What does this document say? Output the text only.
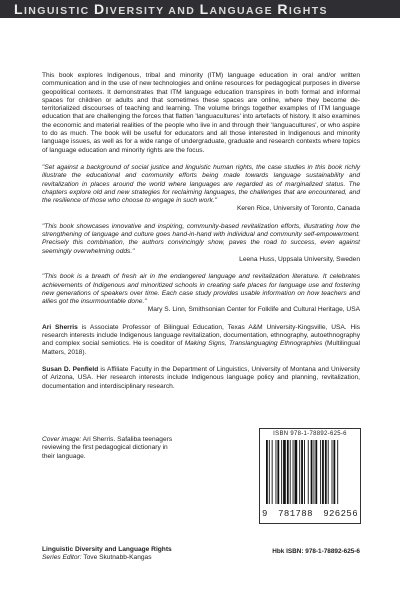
LINGUISTIC DIVERSITY AND LANGUAGE RIGHTS

This book explores Indigenous, tribal and minority (ITM) language education in oral and/or written communication and in the use of new technologies and online resources for pedagogical purposes in diverse geopolitical contexts. It demonstrates that ITM language education transpires in both formal and informal spaces for children or adults and that sometimes these spaces are online, where they become de-territorialized discourses of teaching and learning. The volume brings together examples of ITM language education that are challenging the forces that flatten 'languacultures' into artefacts of history. It also examines the economic and material realities of the people who live in and through their 'languacultures', or who aspire to do as much. The book will be useful for educators and all those interested in Indigenous and minority language issues, as well as for a wide range of undergraduate, graduate and research contexts where topics of language education and minority rights are the focus.

"Set against a background of social justice and linguistic human rights, the case studies in this book richly illustrate the educational and community efforts being made towards language sustainability and revitalization in places around the world where languages are regarded as of marginalized status. The chapters explore old and new strategies for reclaiming languages, the challenges that are encountered, and the resilience of those who choose to engage in such work."

Keren Rice, University of Toronto, Canada

"This book showcases innovative and inspiring, community-based revitalization efforts, illustrating how the strengthening of language and culture goes hand-in-hand with individual and community self-empowerment. Precisely this combination, the authors convincingly show, paves the road to success, even against seemingly overwhelming odds."

Leena Huss, Uppsala University, Sweden

"This book is a breath of fresh air in the endangered language and revitalization literature. It celebrates achievements of Indigenous and minoritized schools in creating safe places for language use and fostering new generations of speakers over time. Each case study provides usable information on how teachers and allies got the insurmountable done."

Mary S. Linn, Smithsonian Center for Folklife and Cultural Heritage, USA

Ari Sherris is Associate Professor of Bilingual Education, Texas A&M University-Kingsville, USA. His research interests include Indigenous language revitalization, documentation, ethnography, autoethnography and complex social semiotics. He is coeditor of Making Signs, Translanguaging Ethnographies (Multilingual Matters, 2018).

Susan D. Penfield is Affiliate Faculty in the Department of Linguistics, University of Montana and University of Arizona, USA. Her research interests include Indigenous language policy and planning, revitalization, documentation and interdisciplinary research.

Cover image: Ari Sherris. Safaliba teenagers reviewing the first pedagogical dictionary in their language.

Linguistic Diversity and Language Rights
Series Editor: Tove Skutnabb-Kangas
ISBN 978-1-78892-625-6
9 781788 926256
Hbk ISBN: 978-1-78892-625-6
